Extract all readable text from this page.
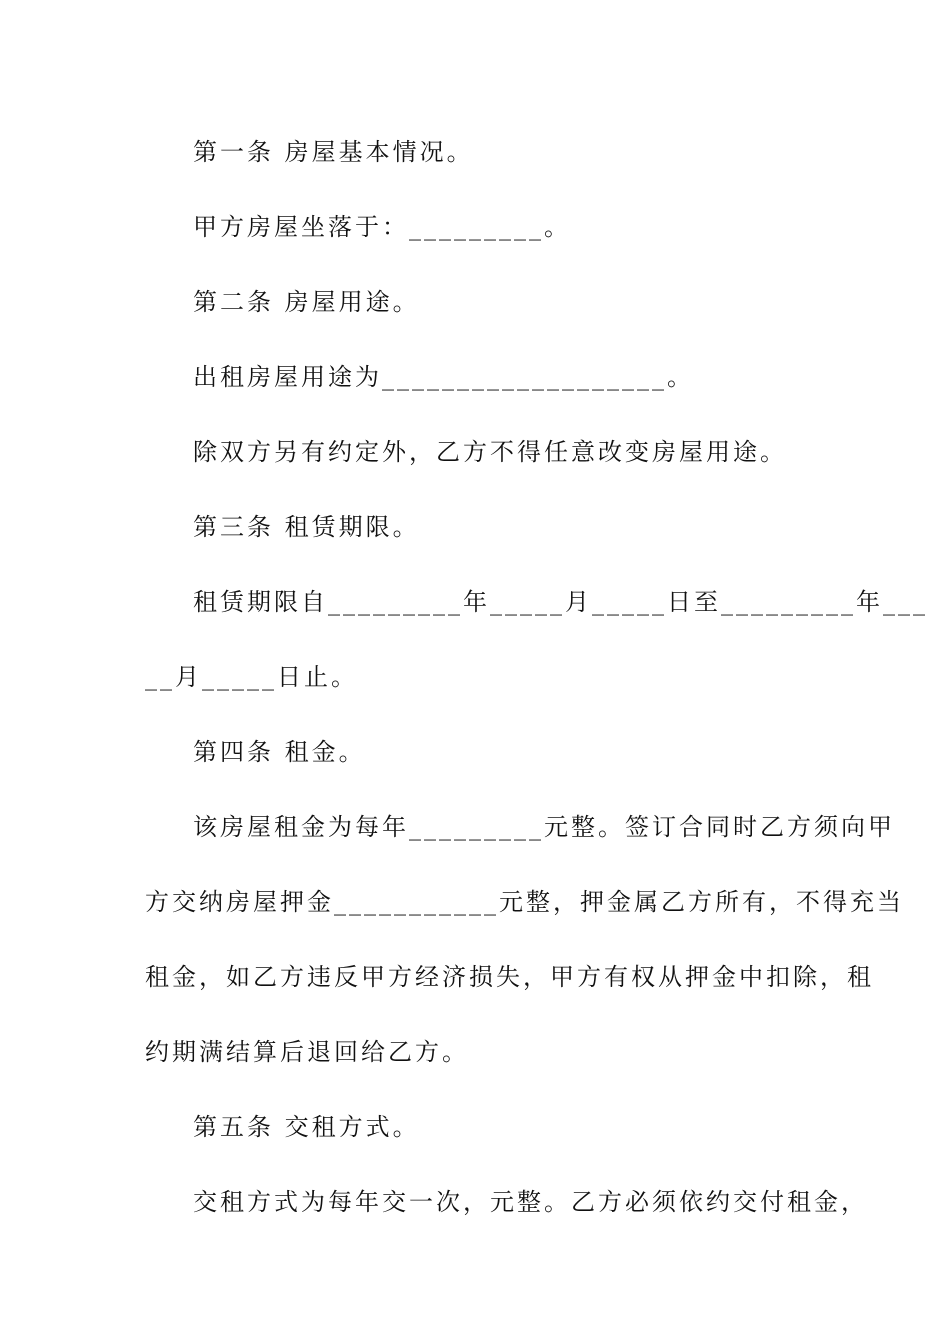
第一条 房屋基本情况。
甲方房屋坐落于：_________。
第二条 房屋用途。
出租房屋用途为___________________。
除双方另有约定外，乙方不得任意改变房屋用途。
第三条 租赁期限。
租赁期限自_________年_____月_____日至_________年___
__月_____日止。
第四条 租金。
该房屋租金为每年_________元整。签订合同时乙方须向甲
方交纳房屋押金___________元整，押金属乙方所有，不得充当
租金，如乙方违反甲方经济损失，甲方有权从押金中扣除，租
约期满结算后退回给乙方。
第五条 交租方式。
交租方式为每年交一次，元整。乙方必须依约交付租金，
